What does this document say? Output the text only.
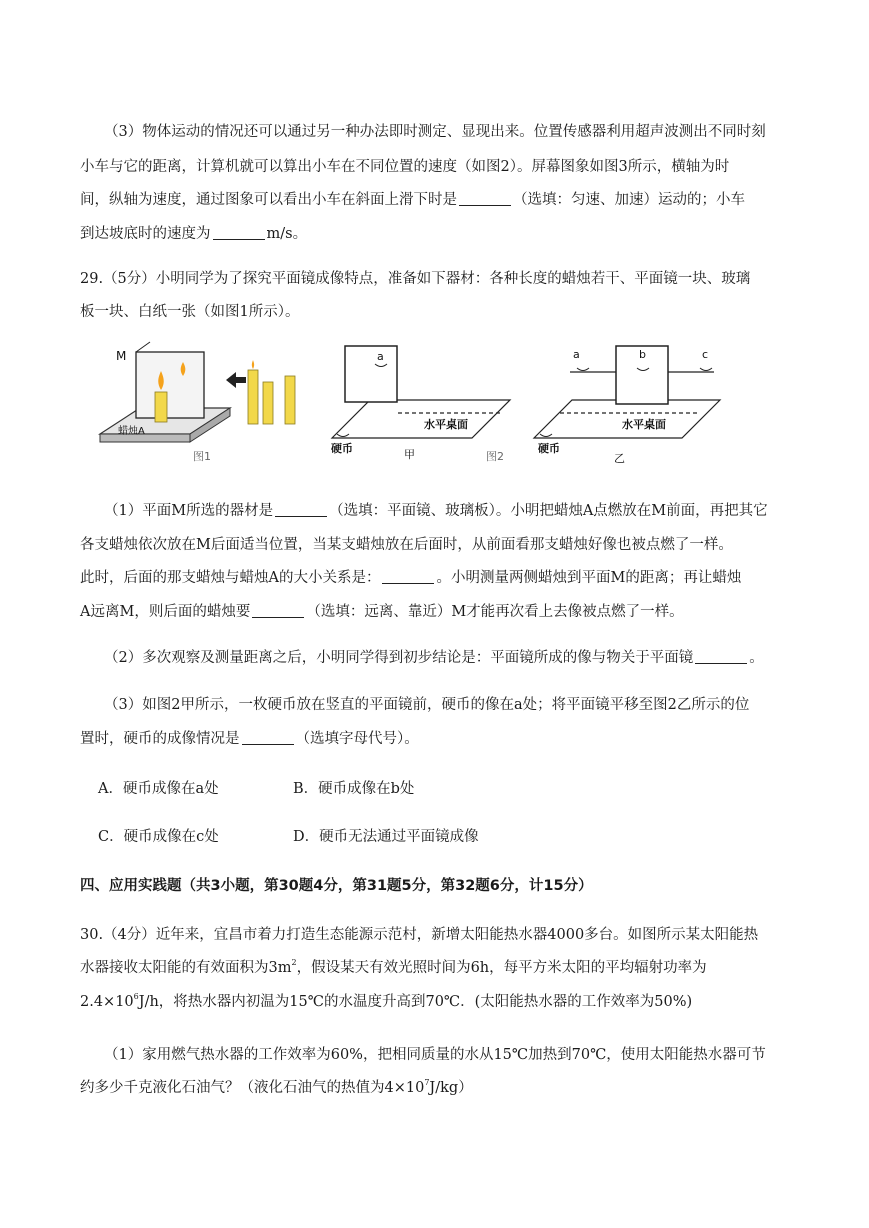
（3）物体运动的情况还可以通过另一种办法即时测定、显现出来。位置传感器利用超声波测出不同时刻
小车与它的距离，计算机就可以算出小车在不同位置的速度（如图2）。屏幕图象如图3所示，横轴为时
间，纵轴为速度，通过图象可以看出小车在斜面上滑下时是	（选填：匀速、加速）运动的；小车
到达坡底时的速度为	m/s。
29.（5分）小明同学为了探究平面镜成像特点，准备如下器材：各种长度的蜡烛若干、平面镜一块、玻璃
板一块、白纸一张（如图1所示）。
M
蜡烛A
图1
a
水平桌面
硬币	甲	图2
a	b	c
水平桌面
硬币
乙
（1）平面M所选的器材是	（选填：平面镜、玻璃板）。小明把蜡烛A点燃放在M前面，再把其它
各支蜡烛依次放在M后面适当位置，当某支蜡烛放在后面时，从前面看那支蜡烛好像也被点燃了一样。
此时，后面的那支蜡烛与蜡烛A的大小关系是：	。小明测量两侧蜡烛到平面M的距离；再让蜡烛
A远离M，则后面的蜡烛要	（选填：远离、靠近）M才能再次看上去像被点燃了一样。
（2）多次观察及测量距离之后，小明同学得到初步结论是：平面镜所成的像与物关于平面镜	。
（3）如图2甲所示，一枚硬币放在竖直的平面镜前，硬币的像在a处；将平面镜平移至图2乙所示的位
置时，硬币的成像情况是	（选填字母代号）。
A．硬币成像在a处	B．硬币成像在b处
C．硬币成像在c处	D．硬币无法通过平面镜成像
四、应用实践题（共3小题，第30题4分，第31题5分，第32题6分，计15分）
30.（4分）近年来，宜昌市着力打造生态能源示范村，新增太阳能热水器4000多台。如图所示某太阳能热
水器接收太阳能的有效面积为$3m^2$，假设某天有效光照时间为6h，每平方米太阳的平均辐射功率为
$2.4\times 10^6J/h$，将热水器内初温为15℃的水温度升高到70℃．(太阳能热水器的工作效率为50%)
（1）家用燃气热水器的工作效率为60%，把相同质量的水从15℃加热到70℃，使用太阳能热水器可节
约多少千克液化石油气？（液化石油气的热值为$4\times 10^7J/kg$）
